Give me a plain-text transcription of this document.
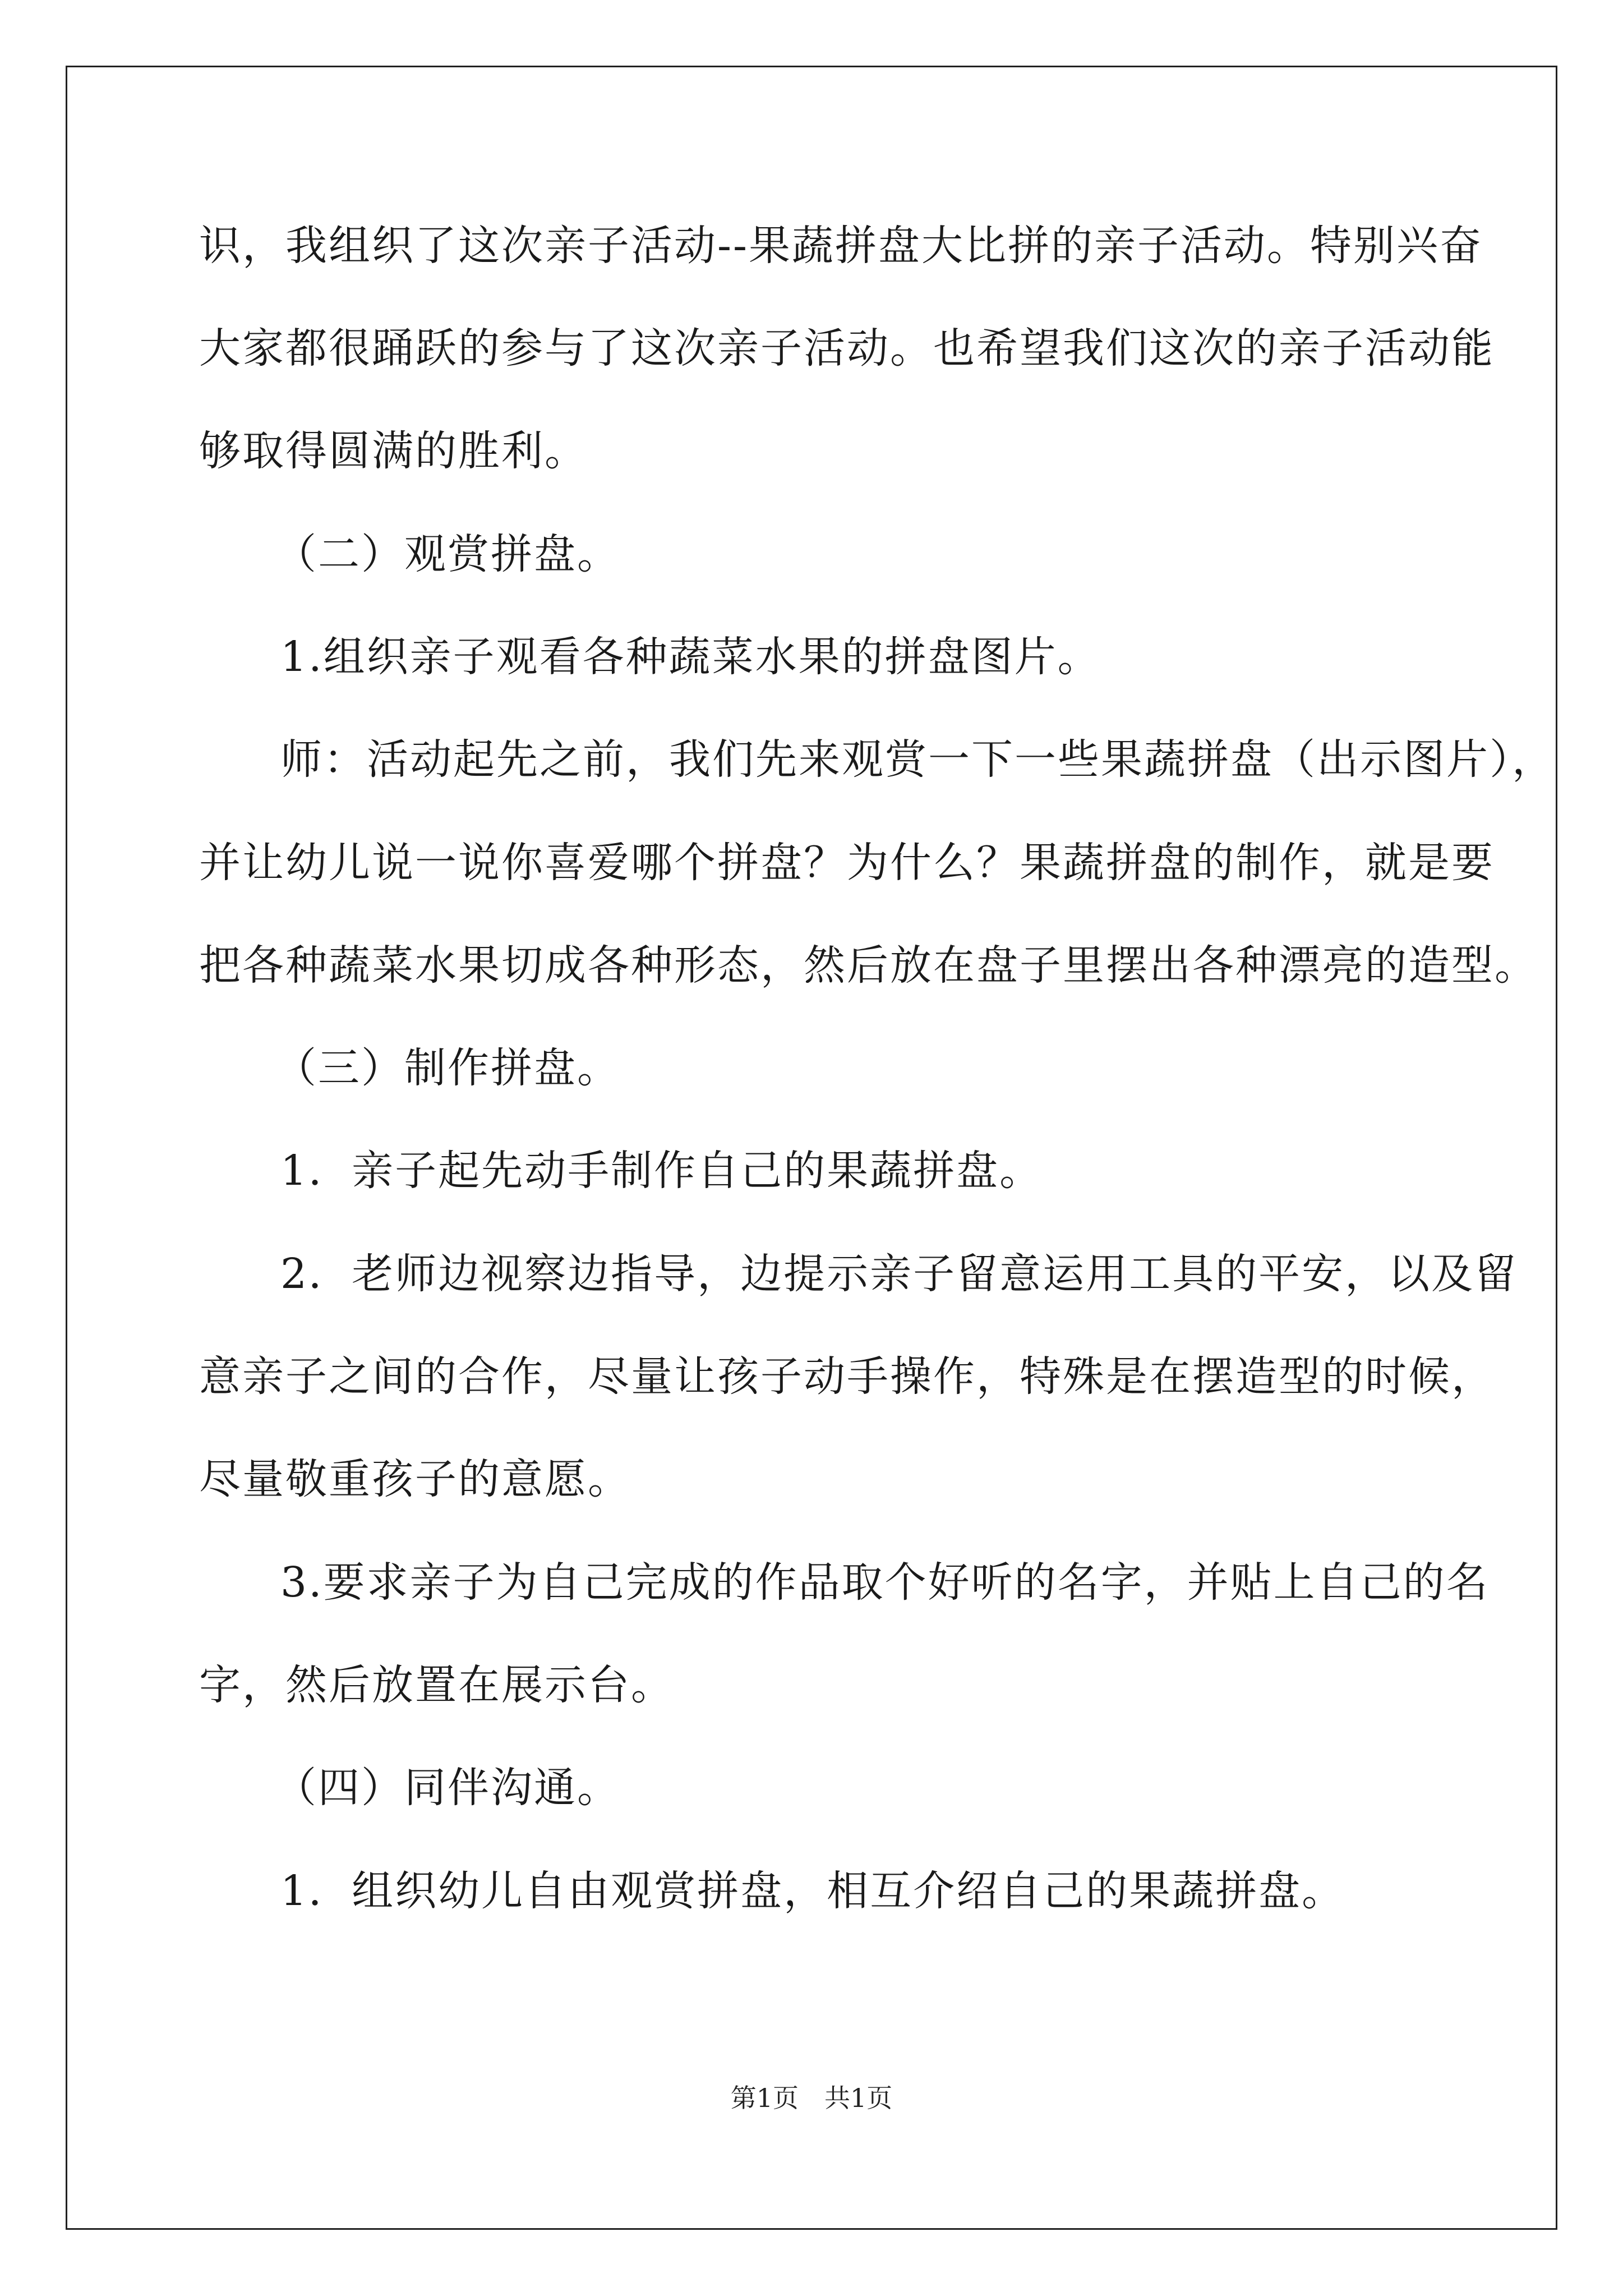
识，我组织了这次亲子活动--果蔬拼盘大比拼的亲子活动。特别兴奋
大家都很踊跃的参与了这次亲子活动。也希望我们这次的亲子活动能
够取得圆满的胜利。
（二）观赏拼盘。
1.组织亲子观看各种蔬菜水果的拼盘图片。
师：活动起先之前，我们先来观赏一下一些果蔬拼盘（出示图片），
并让幼儿说一说你喜爱哪个拼盘？为什么？果蔬拼盘的制作，就是要
把各种蔬菜水果切成各种形态，然后放在盘子里摆出各种漂亮的造型。
（三）制作拼盘。
1．亲子起先动手制作自己的果蔬拼盘。
2．老师边视察边指导，边提示亲子留意运用工具的平安，以及留
意亲子之间的合作，尽量让孩子动手操作，特殊是在摆造型的时候，
尽量敬重孩子的意愿。
3.要求亲子为自己完成的作品取个好听的名字，并贴上自己的名
字，然后放置在展示台。
（四）同伴沟通。
1．组织幼儿自由观赏拼盘，相互介绍自己的果蔬拼盘。
第1页　共1页
